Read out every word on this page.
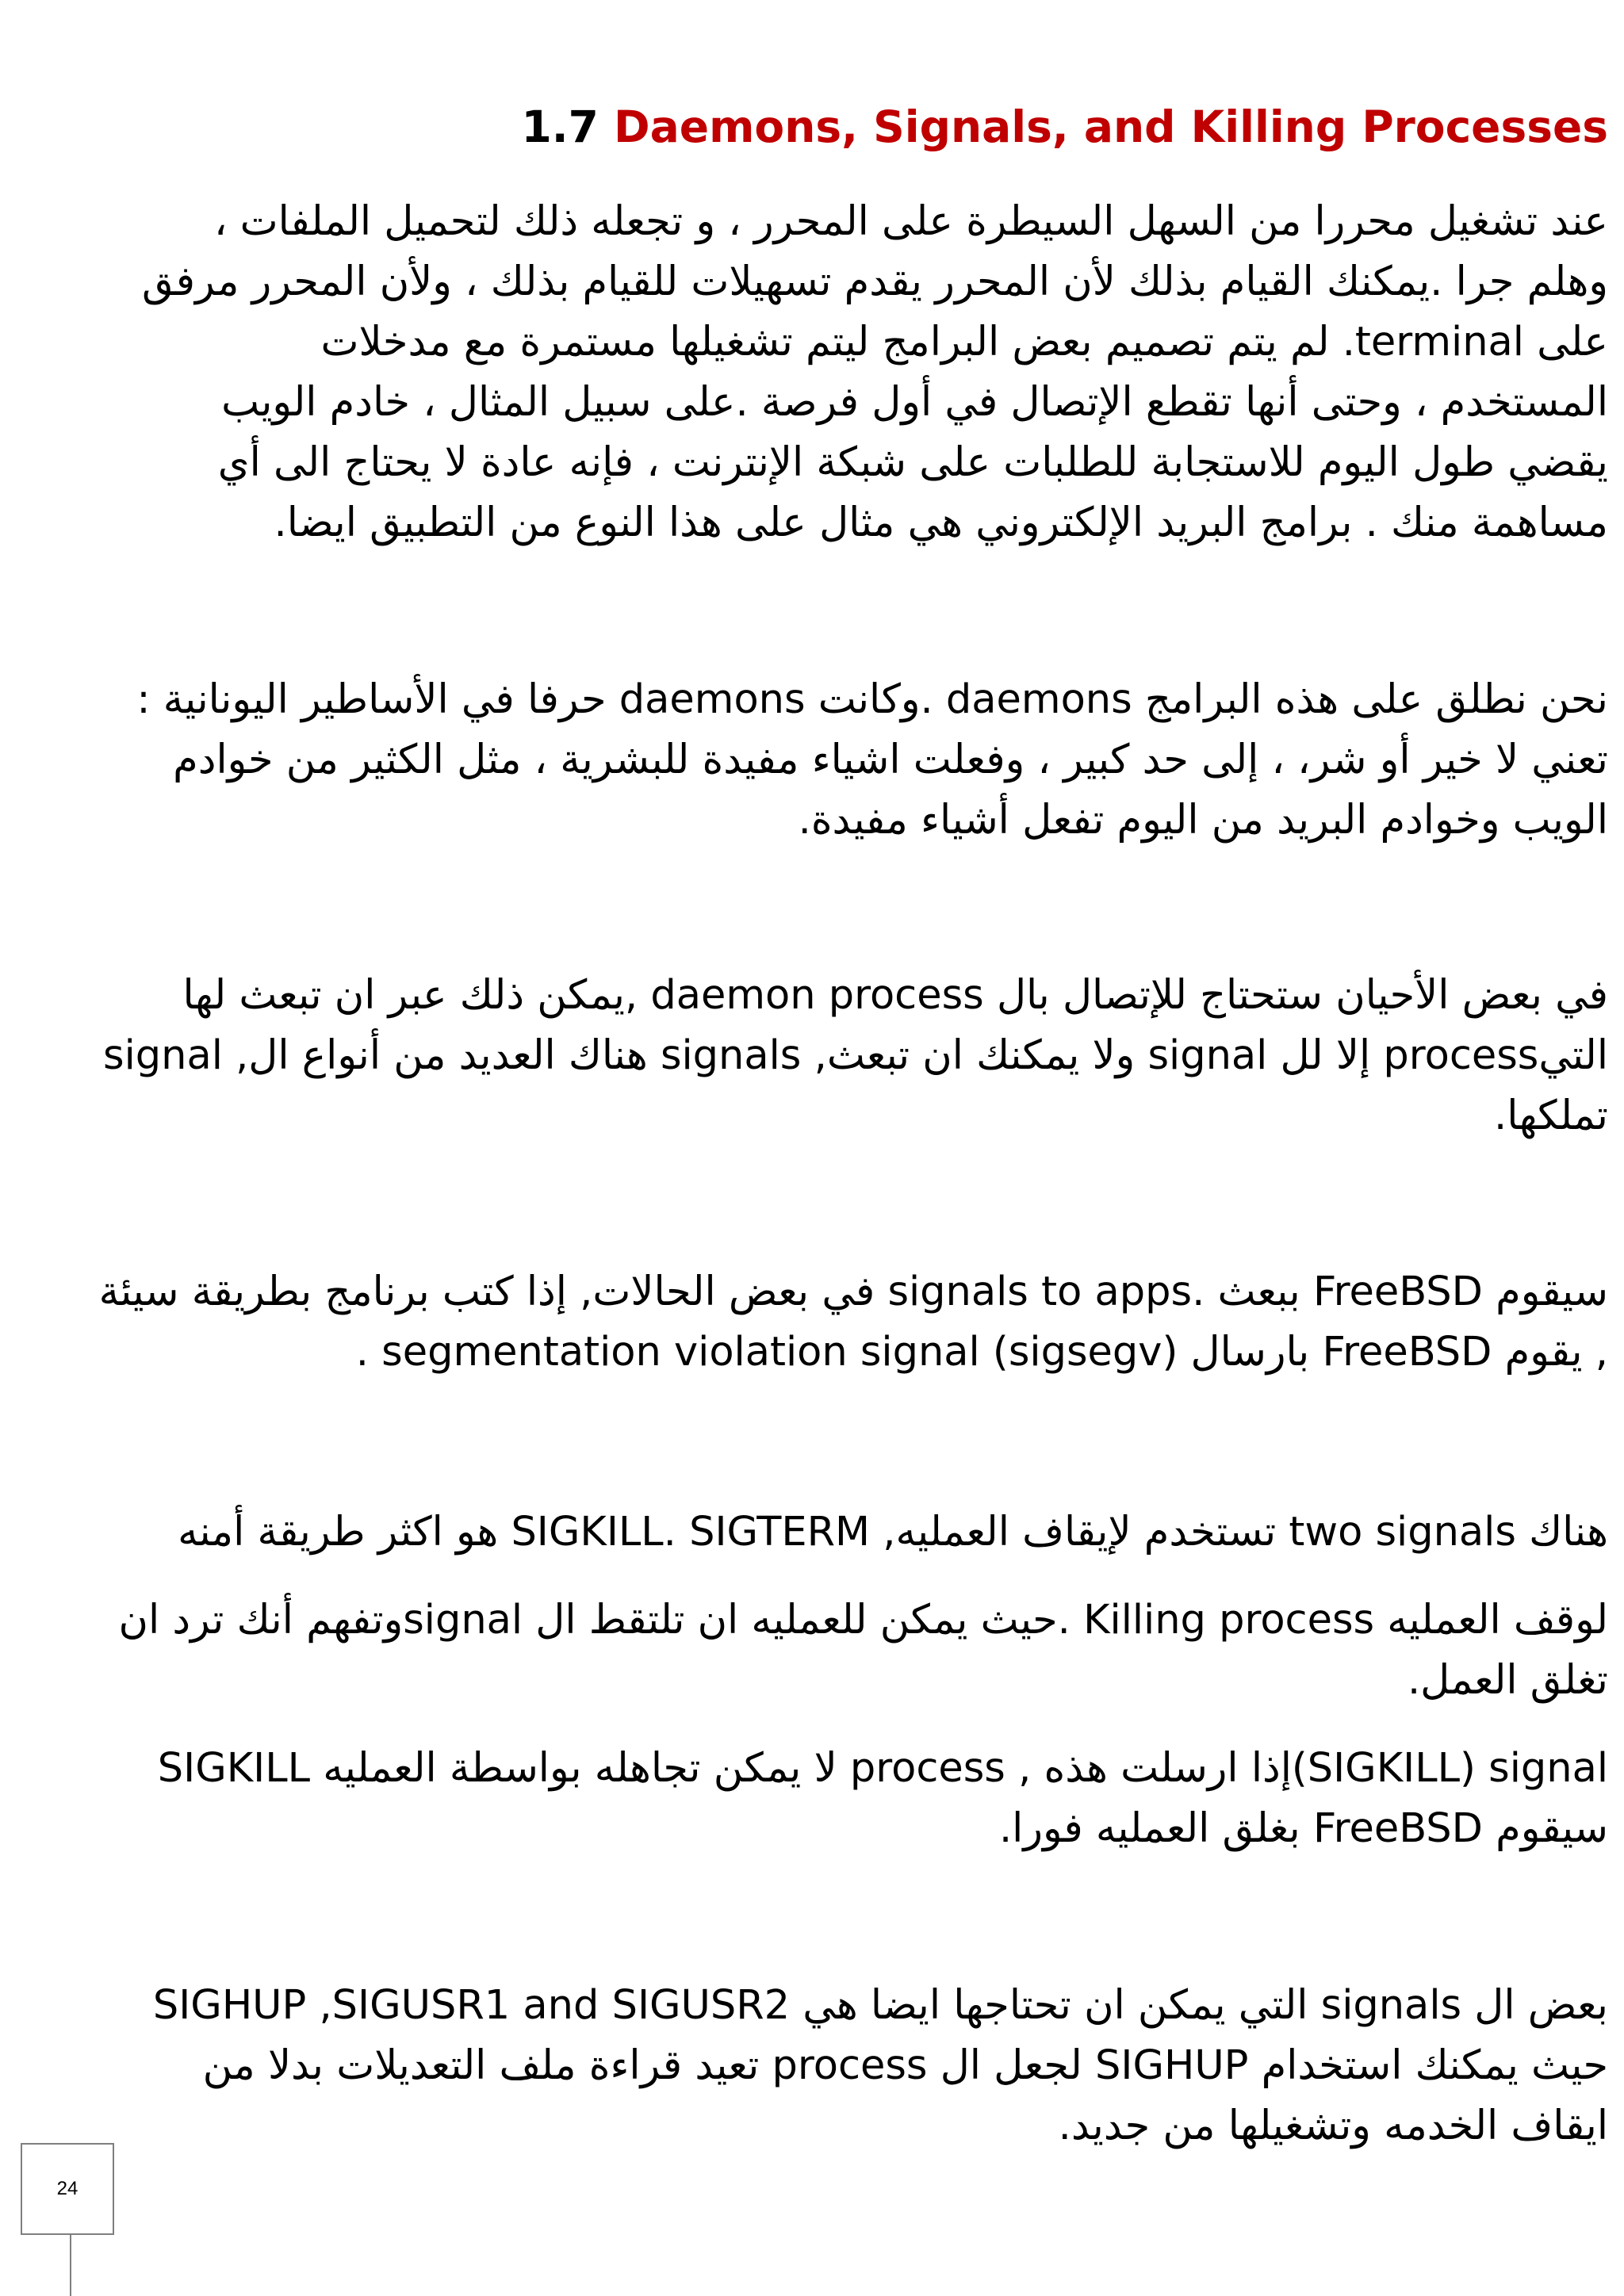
1.7 Daemons, Signals, and Killing Processes
عند تشغيل محررا من السهل السيطرة على المحرر ، و تجعله ذلك لتحميل الملفات ،
وهلم جرا .يمكنك القيام بذلك لأن المحرر يقدم تسهيلات للقيام بذلك ، ولأن المحرر مرفق
على terminal. لم يتم تصميم بعض البرامج ليتم تشغيلها مستمرة مع مدخلات
المستخدم ، وحتى أنها تقطع الإتصال في أول فرصة .على سبيل المثال ، خادم الويب
يقضي طول اليوم للاستجابة للطلبات على شبكة الإنترنت ، فإنه عادة لا يحتاج الى أي
مساهمة منك . برامج البريد الإلكتروني هي مثال على هذا النوع من التطبيق ايضا.
نحن نطلق على هذه البرامج daemons .وكانت daemons حرفا في الأساطير اليونانية :
تعني لا خير أو شر، ، إلى حد كبير ، وفعلت اشياء مفيدة للبشرية ، مثل الكثير من خوادم
الويب وخوادم البريد من اليوم تفعل أشياء مفيدة.
في بعض الأحيان ستحتاج للإتصال بال daemon process ,يمكن ذلك عبر ان تبعث لها
signal ,هناك العديد من أنواع ال signals ,ولا يمكنك ان تبعث signal إلا لل processالتي
تملكها.
سيقوم FreeBSD ببعث .signals to apps في بعض الحالات, إذا كتب برنامج بطريقة سيئة
, يقوم FreeBSD بارسال segmentation violation signal (sigsegv) .
هناك two signals تستخدم لإيقاف العمليه, SIGKILL. SIGTERM هو اكثر طريقة أمنه
لوقف العمليه Killing process .حيث يمكن للعمليه ان تلتقط ال signalوتفهم أنك ترد ان
تغلق العمل.
SIGKILL لا يمكن تجاهله بواسطة العمليه process , إذا ارسلت هذه(SIGKILL) signal
سيقوم FreeBSD بغلق العمليه فورا.
بعض ال signals التي يمكن ان تحتاجها ايضا هي SIGHUP ,SIGUSR1 and SIGUSR2
حيث يمكنك استخدام SIGHUP لجعل ال process تعيد قراءة ملف التعديلات بدلا من
ايقاف الخدمه وتشغيلها من جديد.
24
